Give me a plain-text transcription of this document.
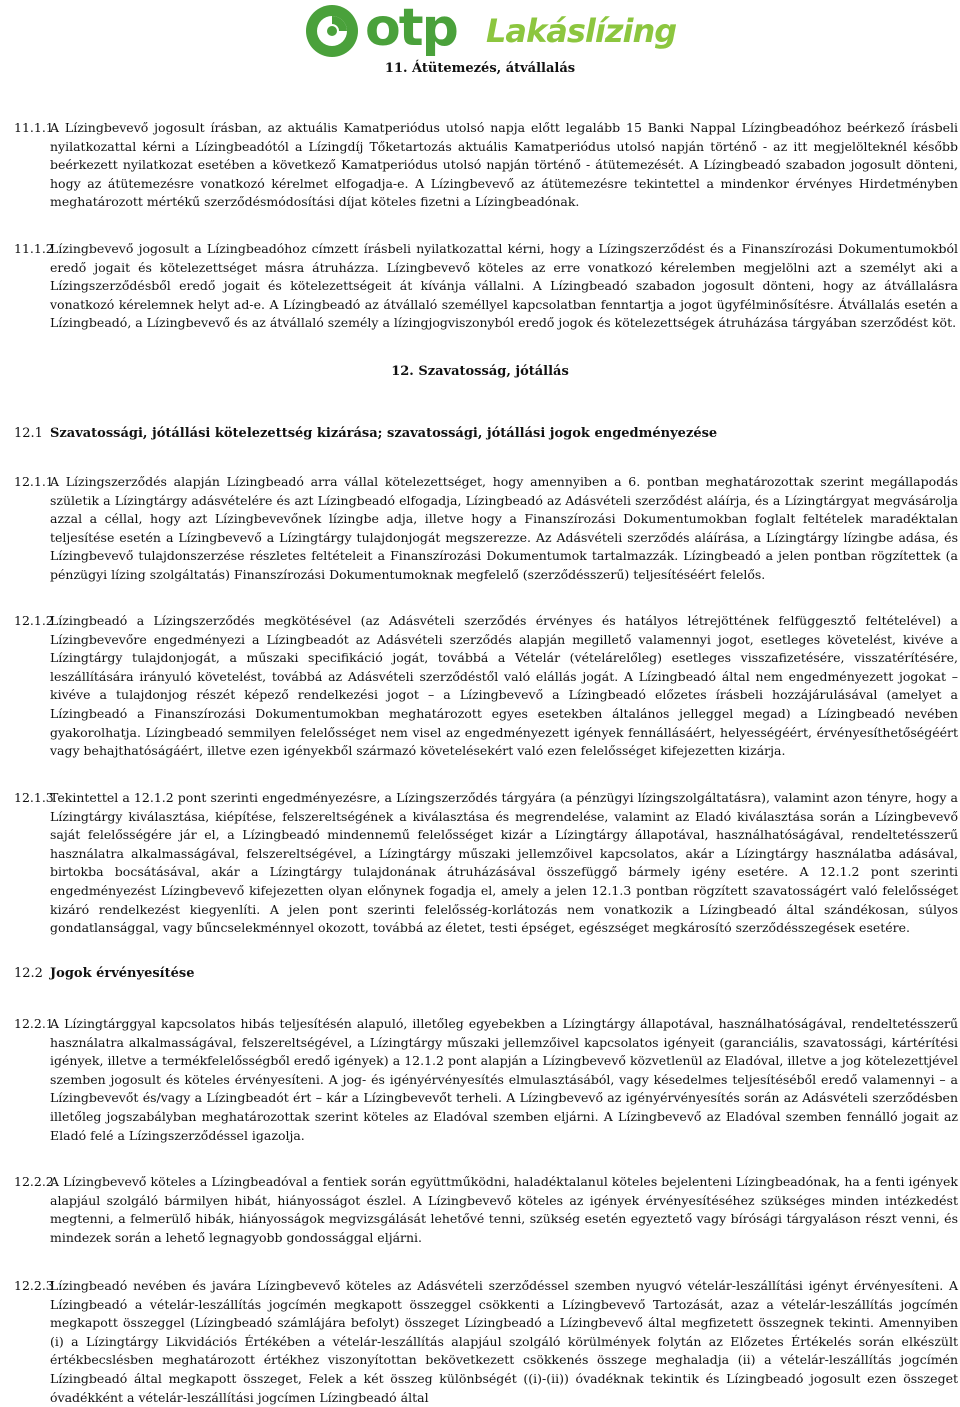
otp Lakáslízing
11. Átütemezés, átvállalás
11.1.1
A Lízingbevevő jogosult írásban, az aktuális Kamatperiódus utolsó napja előtt legalább 15 Banki Nappal Lízingbeadóhoz beérkező írásbeli nyilatkozattal kérni a Lízingbeadótól a Lízingdíj Tőketartozás aktuális Kamatperiódus utolsó napján történő - az itt megjelölteknél később beérkezett nyilatkozat esetében a következő Kamatperiódus utolsó napján történő - átütemezését. A Lízingbeadó szabadon jogosult dönteni, hogy az átütemezésre vonatkozó kérelmet elfogadja-e. A Lízingbevevő az átütemezésre tekintettel a mindenkor érvényes Hirdetményben meghatározott mértékű szerződésmódosítási díjat köteles fizetni a Lízingbeadónak.
11.1.2
Lízingbevevő jogosult a Lízingbeadóhoz címzett írásbeli nyilatkozattal kérni, hogy a Lízingszerződést és a Finanszírozási Dokumentumokból eredő jogait és kötelezettséget másra átruházza. Lízingbevevő köteles az erre vonatkozó kérelemben megjelölni azt a személyt aki a Lízingszerződésből eredő jogait és kötelezettségeit át kívánja vállalni. A Lízingbeadó szabadon jogosult dönteni, hogy az átvállalásra vonatkozó kérelemnek helyt ad-e. A Lízingbeadó az átvállaló személlyel kapcsolatban fenntartja a jogot ügyfélminősítésre. Átvállalás esetén a Lízingbeadó, a Lízingbevevő és az átvállaló személy a lízingjogviszonyból eredő jogok és kötelezettségek átruházása tárgyában szerződést köt.
12. Szavatosság, jótállás
12.1 Szavatossági, jótállási kötelezettség kizárása; szavatossági, jótállási jogok engedményezése
12.1.1
A Lízingszerződés alapján Lízingbeadó arra vállal kötelezettséget, hogy amennyiben a 6. pontban meghatározottak szerint megállapodás születik a Lízingtárgy adásvételére és azt Lízingbeadó elfogadja, Lízingbeadó az Adásvételi szerződést aláírja, és a Lízingtárgyat megvásárolja azzal a céllal, hogy azt Lízingbevevőnek lízingbe adja, illetve hogy a Finanszírozási Dokumentumokban foglalt feltételek maradéktalan teljesítése esetén a Lízingbevevő a Lízingtárgy tulajdonjogát megszerezze. Az Adásvételi szerződés aláírása, a Lízingtárgy lízingbe adása, és Lízingbevevő tulajdonszerzése részletes feltételeit a Finanszírozási Dokumentumok tartalmazzák. Lízingbeadó a jelen pontban rögzítettek (a pénzügyi lízing szolgáltatás) Finanszírozási Dokumentumoknak megfelelő (szerződésszerű) teljesítéséért felelős.
12.1.2
Lízingbeadó a Lízingszerződés megkötésével (az Adásvételi szerződés érvényes és hatályos létrejöttének felfüggesztő feltételével) a Lízingbevevőre engedményezi a Lízingbeadót az Adásvételi szerződés alapján megillető valamennyi jogot, esetleges követelést, kivéve a Lízingtárgy tulajdonjogát, a műszaki specifikáció jogát, továbbá a Vételár (vételárelőleg) esetleges visszafizetésére, visszatérítésére, leszállítására irányuló követelést, továbbá az Adásvételi szerződéstől való elállás jogát. A Lízingbeadó által nem engedményezett jogokat – kivéve a tulajdonjog részét képező rendelkezési jogot – a Lízingbevevő a Lízingbeadó előzetes írásbeli hozzájárulásával (amelyet a Lízingbeadó a Finanszírozási Dokumentumokban meghatározott egyes esetekben általános jelleggel megad) a Lízingbeadó nevében gyakorolhatja. Lízingbeadó semmilyen felelősséget nem visel az engedményezett igények fennállásáért, helyességéért, érvényesíthetőségéért vagy behajthatóságáért, illetve ezen igényekből származó követelésekért való ezen felelősséget kifejezetten kizárja.
12.1.3
Tekintettel a 12.1.2 pont szerinti engedményezésre, a Lízingszerződés tárgyára (a pénzügyi lízingszolgáltatásra), valamint azon tényre, hogy a Lízingtárgy kiválasztása, kiépítése, felszereltségének a kiválasztása és megrendelése, valamint az Eladó kiválasztása során a Lízingbevevő saját felelősségére jár el, a Lízingbeadó mindennemű felelősséget kizár a Lízingtárgy állapotával, használhatóságával, rendeltetésszerű használatra alkalmasságával, felszereltségével, a Lízingtárgy műszaki jellemzőivel kapcsolatos, akár a Lízingtárgy használatba adásával, birtokba bocsátásával, akár a Lízingtárgy tulajdonának átruházásával összefüggő bármely igény esetére. A 12.1.2 pont szerinti engedményezést Lízingbevevő kifejezetten olyan előnynek fogadja el, amely a jelen 12.1.3 pontban rögzített szavatosságért való felelősséget kizáró rendelkezést kiegyenlíti. A jelen pont szerinti felelősség-korlátozás nem vonatkozik a Lízingbeadó által szándékosan, súlyos gondatlansággal, vagy bűncselekménnyel okozott, továbbá az életet, testi épséget, egészséget megkárosító szerződésszegések esetére.
12.2 Jogok érvényesítése
12.2.1
A Lízingtárggyal kapcsolatos hibás teljesítésén alapuló, illetőleg egyebekben a Lízingtárgy állapotával, használhatóságával, rendeltetésszerű használatra alkalmasságával, felszereltségével, a Lízingtárgy műszaki jellemzőivel kapcsolatos igényeit (garanciális, szavatossági, kártérítési igények, illetve a termékfelelősségből eredő igények) a 12.1.2 pont alapján a Lízingbevevő közvetlenül az Eladóval, illetve a jog kötelezettjével szemben jogosult és köteles érvényesíteni. A jog- és igényérvényesítés elmulasztásából, vagy késedelmes teljesítéséből eredő valamennyi – a Lízingbevevőt és/vagy a Lízingbeadót ért – kár a Lízingbevevőt terheli. A Lízingbevevő az igényérvényesítés során az Adásvételi szerződésben illetőleg jogszabályban meghatározottak szerint köteles az Eladóval szemben eljárni. A Lízingbevevő az Eladóval szemben fennálló jogait az Eladó felé a Lízingszerződéssel igazolja.
12.2.2
A Lízingbevevő köteles a Lízingbeadóval a fentiek során együttműködni, haladéktalanul köteles bejelenteni Lízingbeadónak, ha a fenti igények alapjául szolgáló bármilyen hibát, hiányosságot észlel. A Lízingbevevő köteles az igények érvényesítéséhez szükséges minden intézkedést megtenni, a felmerülő hibák, hiányosságok megvizsgálását lehetővé tenni, szükség esetén egyeztető vagy bírósági tárgyaláson részt venni, és mindezek során a lehető legnagyobb gondossággal eljárni.
12.2.3
Lízingbeadó nevében és javára Lízingbevevő köteles az Adásvételi szerződéssel szemben nyugvó vételár-leszállítási igényt érvényesíteni. A Lízingbeadó a vételár-leszállítás jogcímén megkapott összeggel csökkenti a Lízingbevevő Tartozását, azaz a vételár-leszállítás jogcímén megkapott összeggel (Lízingbeadó számlájára befolyt) összeget Lízingbeadó a Lízingbevevő által megfizetett összegnek tekinti. Amennyiben (i) a Lízingtárgy Likvidációs Értékében a vételár-leszállítás alapjául szolgáló körülmények folytán az Előzetes Értékelés során elkészült értékbecslésben meghatározott értékhez viszonyítottan bekövetkezett csökkenés összege meghaladja (ii) a vételár-leszállítás jogcímén Lízingbeadó által megkapott összeget, Felek a két összeg különbségét ((i)-(ii)) óvadéknak tekintik és Lízingbeadó jogosult ezen összeget óvadékként a vételár-leszállítási jogcímen Lízingbeadó által
